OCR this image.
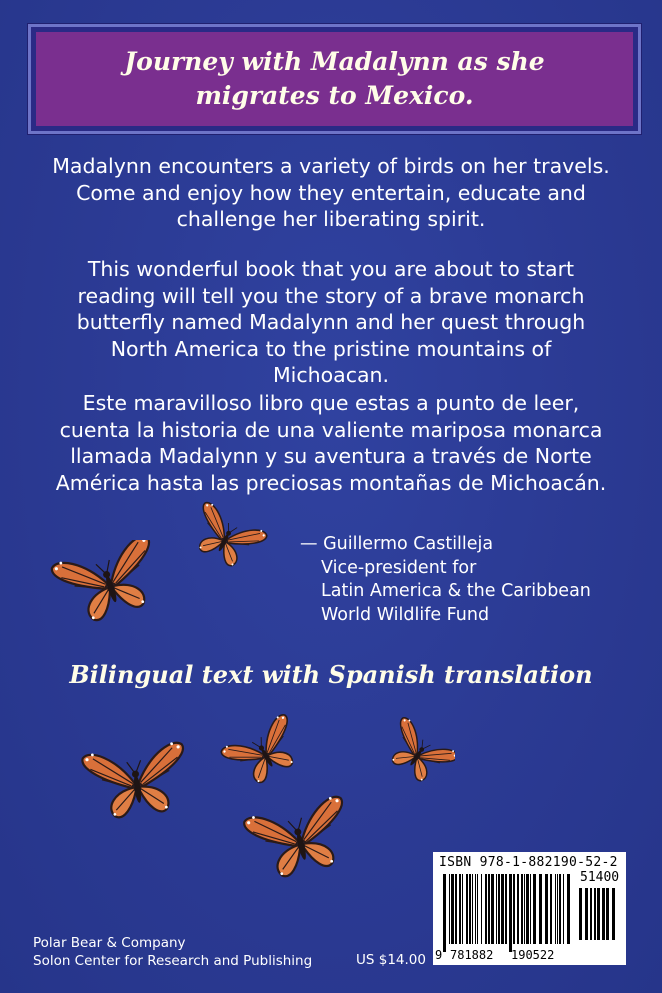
Journey with Madalynn as she migrates to Mexico.
Madalynn encounters a variety of birds on her travels. Come and enjoy how they entertain, educate and challenge her liberating spirit.
This wonderful book that you are about to start reading will tell you the story of a brave monarch butterfly named Madalynn and her quest through North America to the pristine mountains of Michoacan.
Este maravilloso libro que estas a punto de leer, cuenta la historia de una valiente mariposa monarca llamada Madalynn y su aventura a través de Norte América hasta las preciosas montañas de Michoacán.
— Guillermo Castilleja
Vice-president for
Latin America & the Caribbean
World Wildlife Fund
Bilingual text with Spanish translation
Polar Bear & Company
Solon Center for Research and Publishing	US $14.00
ISBN 978-1-882190-52-2
51400
9 781882 190522
